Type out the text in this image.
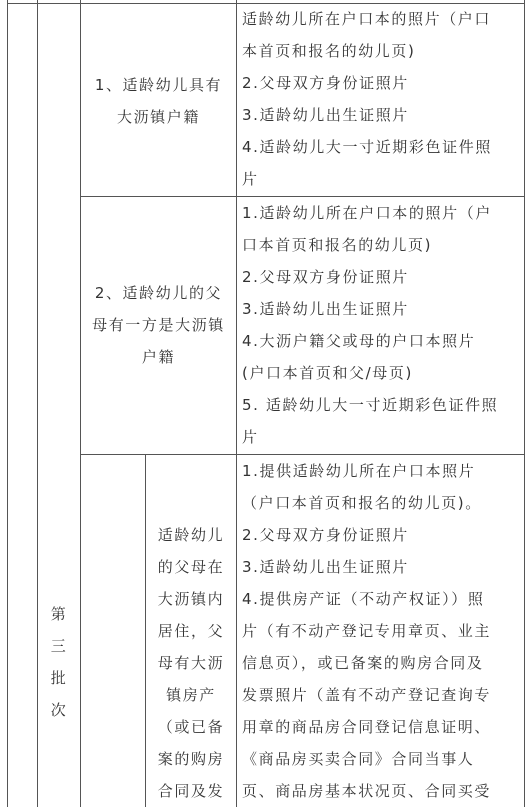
第
三
批
次
1、适龄幼儿具有
大沥镇户籍
适龄幼儿所在户口本的照片（户口
本首页和报名的幼儿页)
2.父母双方身份证照片
3.适龄幼儿出生证照片
4.适龄幼儿大一寸近期彩色证件照
片
2、适龄幼儿的父
母有一方是大沥镇
户籍
1.适龄幼儿所在户口本的照片（户
口本首页和报名的幼儿页)
2.父母双方身份证照片
3.适龄幼儿出生证照片
4.大沥户籍父或母的户口本照片
(户口本首页和父/母页)
5. 适龄幼儿大一寸近期彩色证件照
片
适龄幼儿
的父母在
大沥镇内
居住，父
母有大沥
镇房产
（或已备
案的购房
合同及发
1.提供适龄幼儿所在户口本照片
（户口本首页和报名的幼儿页)。
2.父母双方身份证照片
3.适龄幼儿出生证照片
4.提供房产证（不动产权证））照
片（有不动产登记专用章页、业主
信息页），或已备案的购房合同及
发票照片（盖有不动产登记查询专
用章的商品房合同登记信息证明、
《商品房买卖合同》合同当事人
页、商品房基本状况页、合同买受
